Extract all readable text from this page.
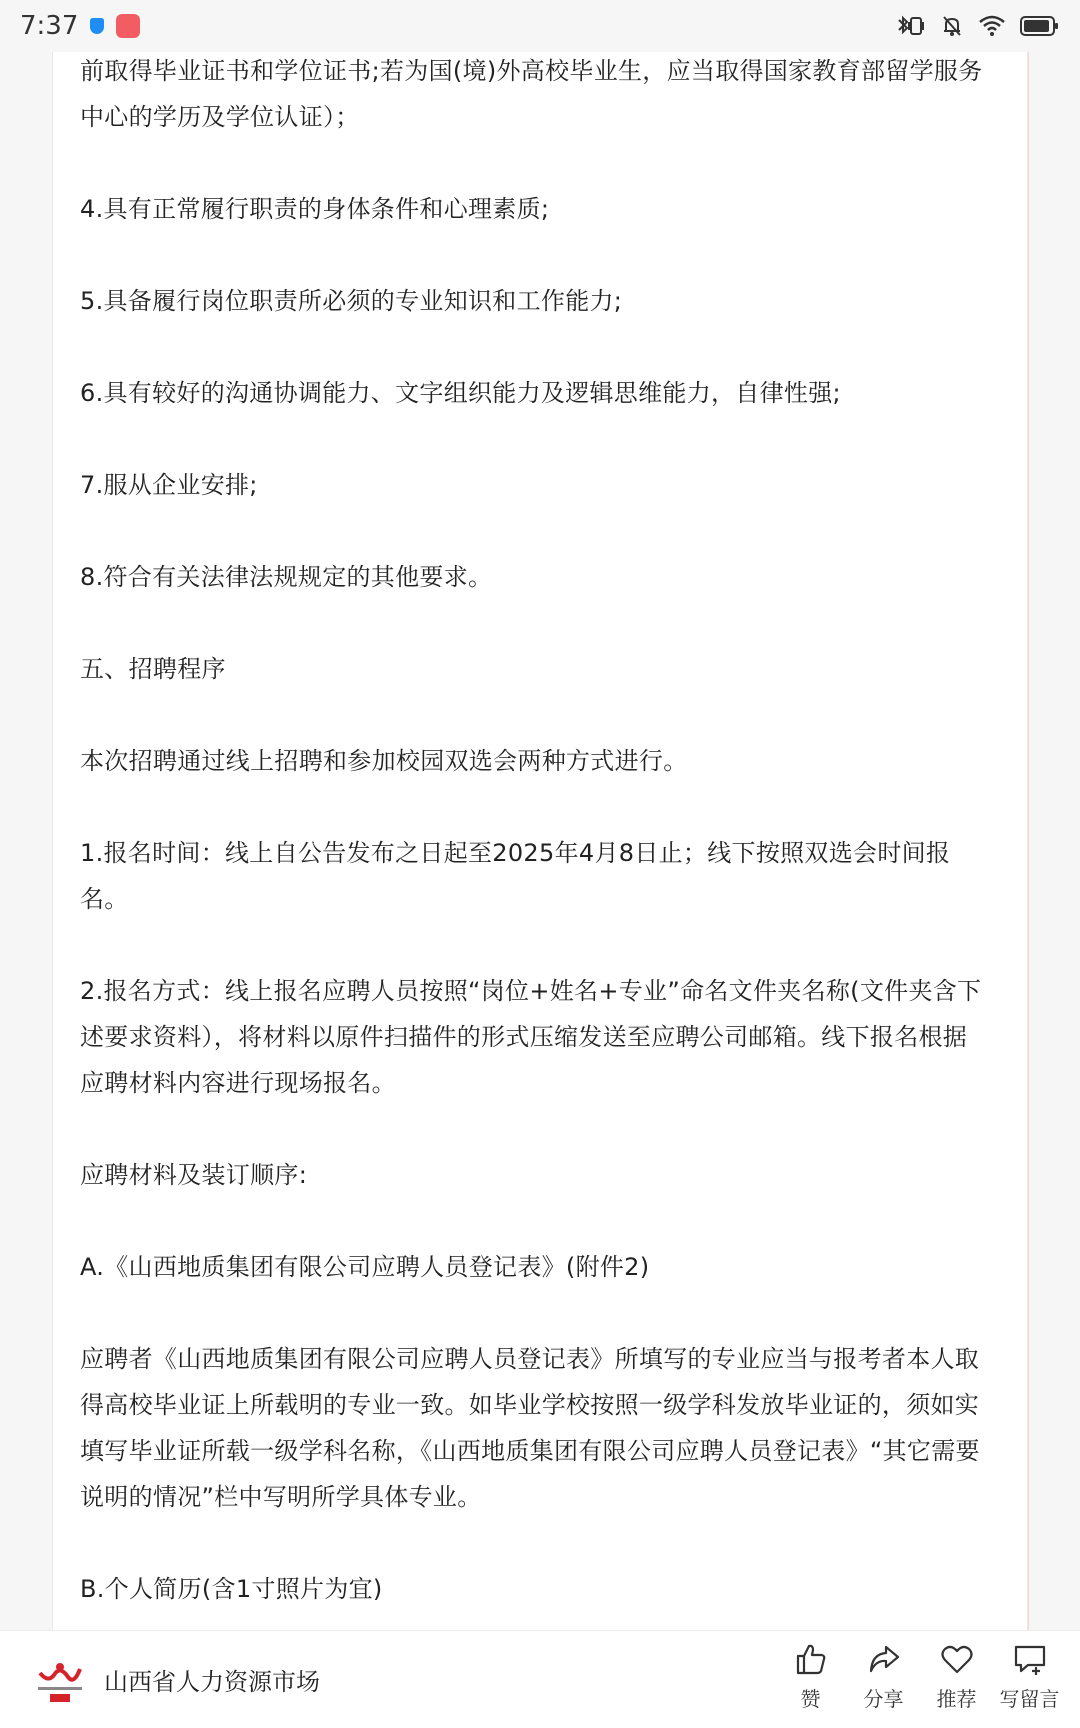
7:37

前取得毕业证书和学位证书;若为国(境)外高校毕业生，应当取得国家教育部留学服务中心的学历及学位认证）；

4.具有正常履行职责的身体条件和心理素质;

5.具备履行岗位职责所必须的专业知识和工作能力;

6.具有较好的沟通协调能力、文字组织能力及逻辑思维能力，自律性强;

7.服从企业安排;

8.符合有关法律法规规定的其他要求。

五、招聘程序

本次招聘通过线上招聘和参加校园双选会两种方式进行。

1.报名时间：线上自公告发布之日起至2025年4月8日止；线下按照双选会时间报名。

2.报名方式：线上报名应聘人员按照“岗位+姓名+专业”命名文件夹名称(文件夹含下述要求资料），将材料以原件扫描件的形式压缩发送至应聘公司邮箱。线下报名根据应聘材料内容进行现场报名。

应聘材料及装订顺序:

A.《山西地质集团有限公司应聘人员登记表》(附件2)

应聘者《山西地质集团有限公司应聘人员登记表》所填写的专业应当与报考者本人取得高校毕业证上所载明的专业一致。如毕业学校按照一级学科发放毕业证的，须如实填写毕业证所载一级学科名称，《山西地质集团有限公司应聘人员登记表》“其它需要说明的情况”栏中写明所学具体专业。

B.个人简历(含1寸照片为宜)

山西省人力资源市场
赞 分享 推荐 写留言
